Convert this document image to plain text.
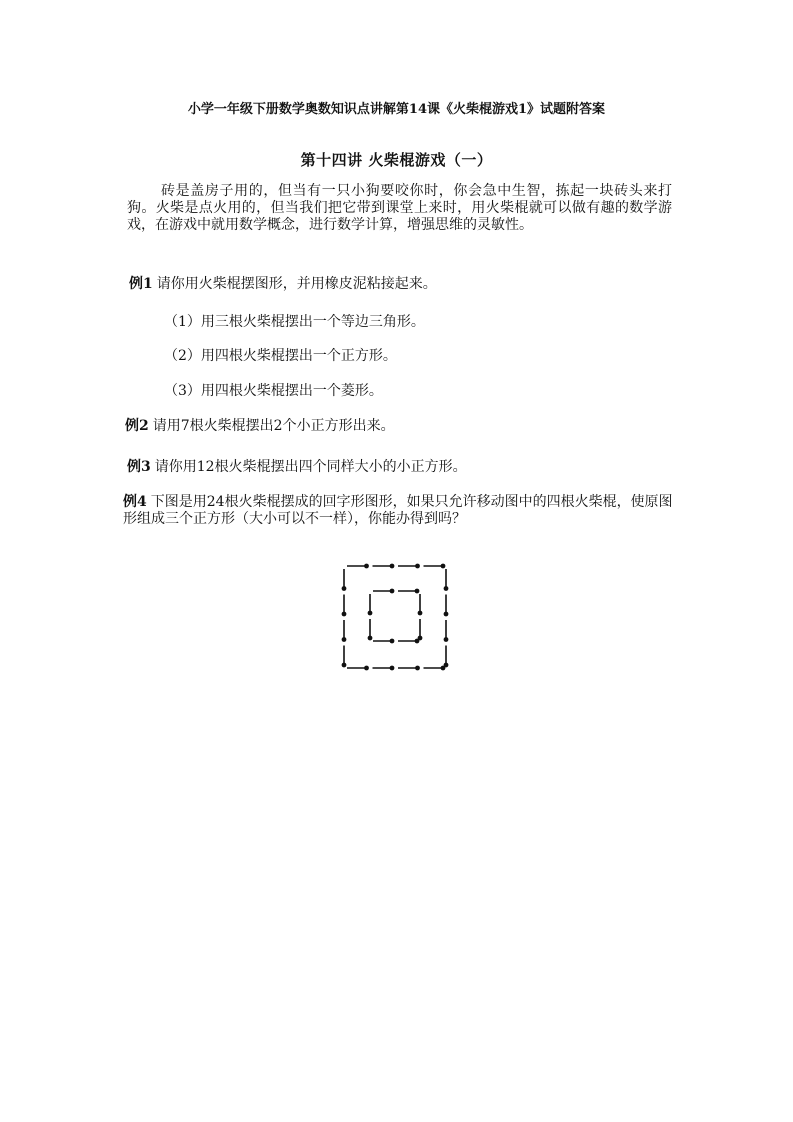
小学一年级下册数学奥数知识点讲解第14课《火柴棍游戏1》试题附答案
第十四讲 火柴棍游戏（一）

砖是盖房子用的，但当有一只小狗要咬你时，你会急中生智，拣起一块砖头来打狗。火柴是点火用的，但当我们把它带到课堂上来时，用火柴棍就可以做有趣的数学游戏，在游戏中就用数学概念，进行数学计算，增强思维的灵敏性。

例1 请你用火柴棍摆图形，并用橡皮泥粘接起来。

（1）用三根火柴棍摆出一个等边三角形。

（2）用四根火柴棍摆出一个正方形。

（3）用四根火柴棍摆出一个菱形。

例2 请用7根火柴棍摆出2个小正方形出来。

例3 请你用12根火柴棍摆出四个同样大小的小正方形。

例4 下图是用24根火柴棍摆成的回字形图形，如果只允许移动图中的四根火柴棍，使原图形组成三个正方形（大小可以不一样），你能办得到吗？
